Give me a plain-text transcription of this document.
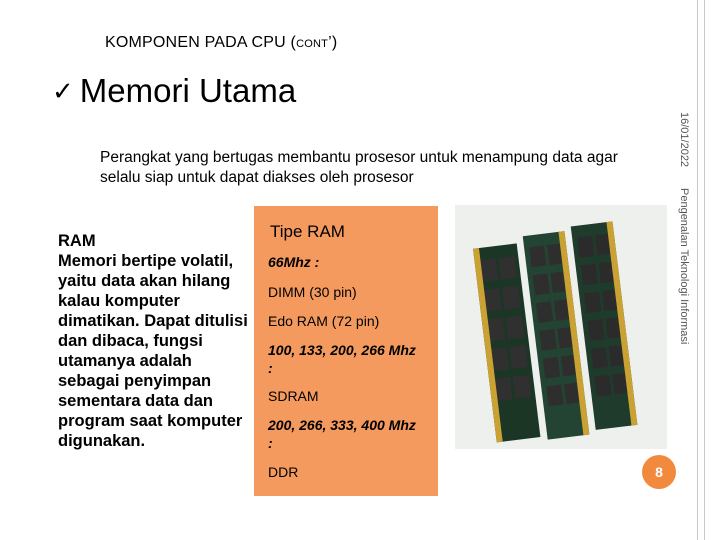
KOMPONEN PADA CPU (CONT’)
✓ Memori Utama
Perangkat yang bertugas membantu prosesor untuk menampung data agar selalu siap untuk dapat diakses oleh prosesor
RAM
Memori bertipe volatil, yaitu data akan hilang kalau komputer dimatikan. Dapat ditulisi dan dibaca, fungsi utamanya adalah sebagai penyimpan sementara data dan program saat komputer digunakan.
Tipe RAM
66Mhz :
DIMM (30 pin)
Edo RAM (72 pin)
100, 133, 200, 266 Mhz :
SDRAM
200, 266, 333, 400 Mhz :
DDR
16/01/2022
Pengenalan Teknologi Informasi
8
